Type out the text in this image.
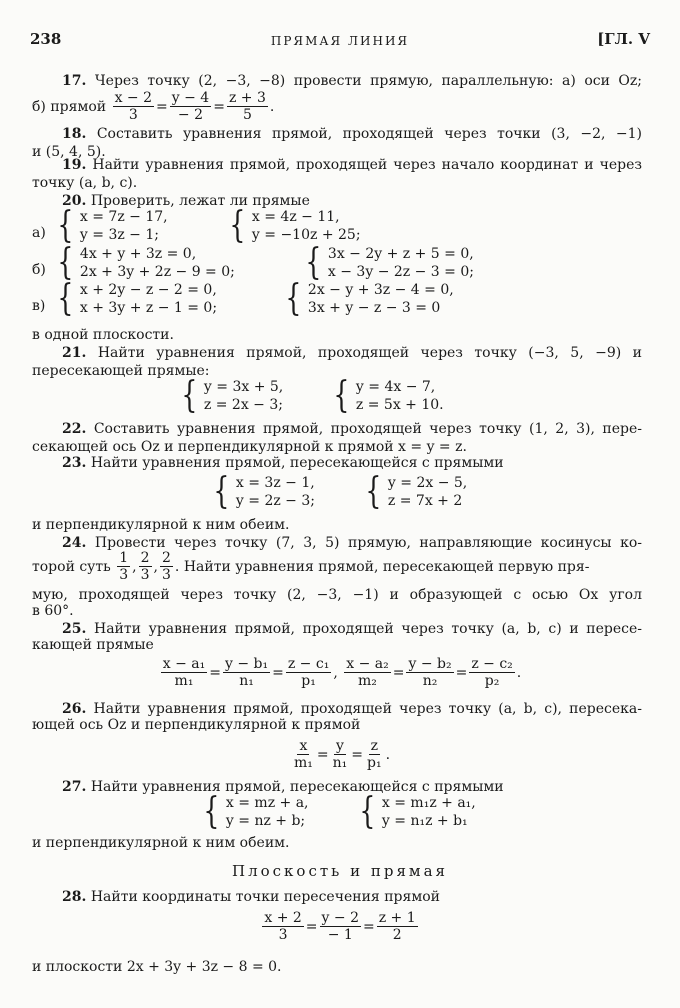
238	ПРЯМАЯ ЛИНИЯ	[ГЛ. V
17. Через точку (2, −3, −8) провести прямую, параллельную: а) оси Oz;
б) прямой
$\frac{x - 2}{3} = \frac{y - 4}{- 2} = \frac{z + 3}{5}$ .
18. Составить уравнения прямой, проходящей через точки (3, −2, −1)
и (5, 4, 5).
19. Найти уравнения прямой, проходящей через начало координат и через
точку (a, b, c).
20. Проверить, лежат ли прямые
а) { x = 7z − 17,
y = 3z − 1; { x = 4z − 11,
y = −10z + 25;
б) { 4x + y + 3z = 0,
2x + 3y + 2z − 9 = 0; { 3x − 2y + z + 5 = 0,
x − 3y − 2z − 3 = 0;
в) { x + 2y − z − 2 = 0,
x + 3y + z − 1 = 0; { 2x − y + 3z − 4 = 0,
3x + y − z − 3 = 0
в одной плоскости.
21. Найти уравнения прямой, проходящей через точку (−3, 5, −9) и
пересекающей прямые:
{ y = 3x + 5,
z = 2x − 3; { y = 4x − 7,
z = 5x + 10.
22. Составить уравнения прямой, проходящей через точку (1, 2, 3), пере-
секающей ось Oz и перпендикулярной к прямой x = y = z.
23. Найти уравнения прямой, пересекающейся с прямыми
{ x = 3z − 1,
y = 2z − 3; { y = 2x − 5,
z = 7x + 2
и перпендикулярной к ним обеим.
24. Провести через точку (7, 3, 5) прямую, направляющие косинусы ко-
торой суть
$\frac{1}{3}$ , $\frac{2}{3}$ , $\frac{2}{3}$ . Найти уравнения прямой, пересекающей первую пря-
мую, проходящей через точку (2, −3, −1) и образующей с осью Ox угол
в 60°.
25. Найти уравнения прямой, проходящей через точку (a, b, c) и пересе-
кающей прямые
$\frac{\text{x − a₁}}{\text{m₁}} = \frac{\text{y − b₁}}{\text{n₁}} = \frac{\text{z − c₁}}{\text{p₁}}$ , $\frac{\text{x − a₂}}{\text{m₂}} = \frac{\text{y − b₂}}{\text{n₂}} = \frac{\text{z − c₂}}{\text{p₂}}$ .
26. Найти уравнения прямой, проходящей через точку (a, b, c), пересека-
ющей ось Oz и перпендикулярной к прямой
$\frac{x}{\text{m₁}} = \frac{y}{\text{n₁}} = \frac{z}{\text{p₁}}$ .
27. Найти уравнения прямой, пересекающейся с прямыми
{ x = mz + a,
y = nz + b; { x = m₁z + a₁,
y = n₁z + b₁
и перпендикулярной к ним обеим.
Плоскость и прямая
28. Найти координаты точки пересечения прямой
$\frac{x + 2}{3} = \frac{y - 2}{- 1} = \frac{z + 1}{2}$
и плоскости 2x + 3y + 3z − 8 = 0.
